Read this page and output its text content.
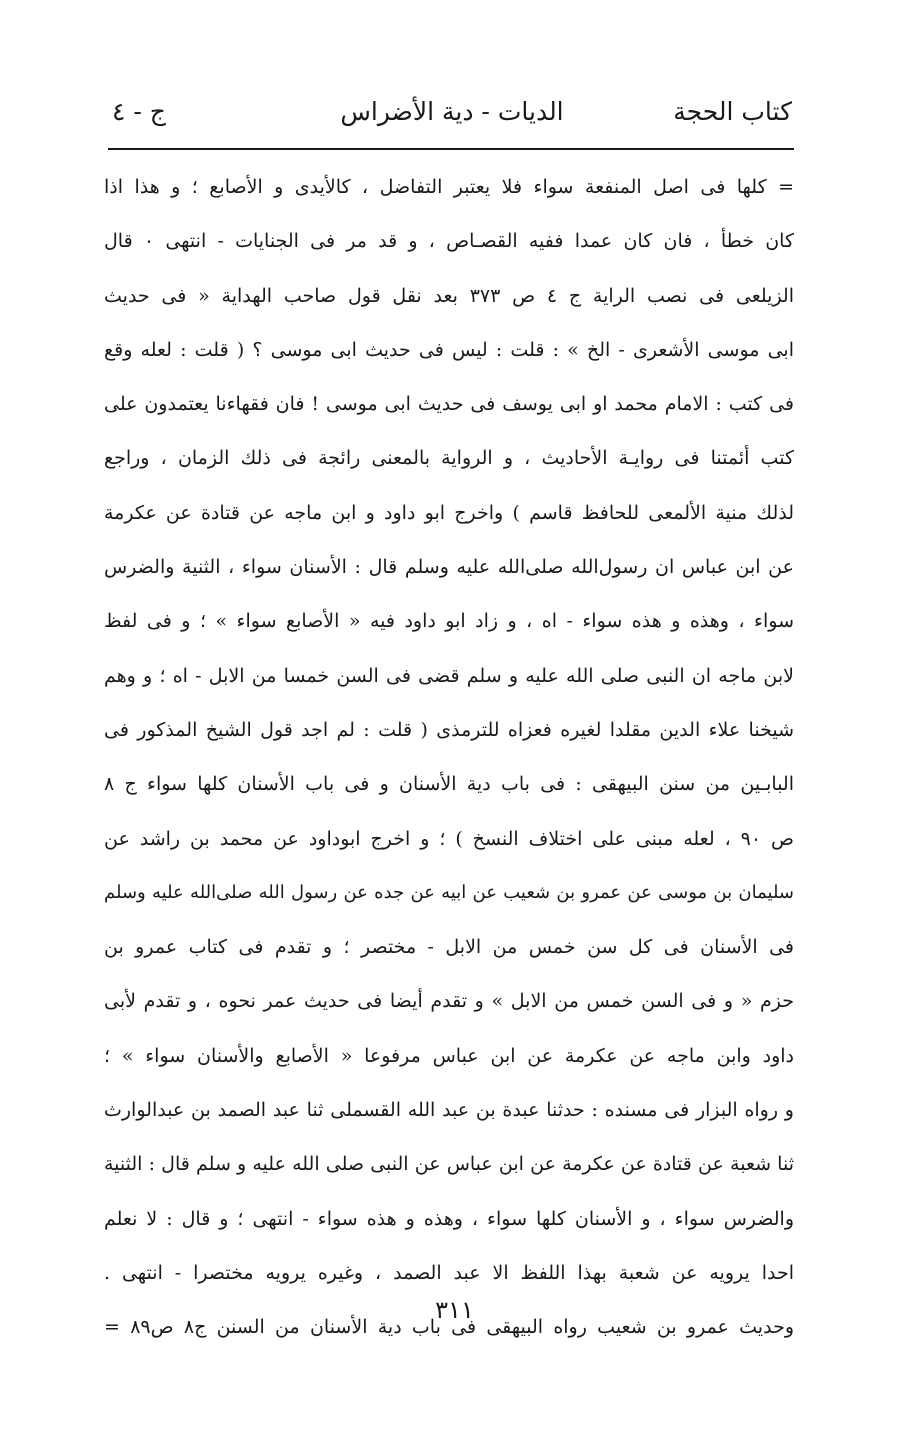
كتاب الحجة
الديات - دية الأضراس
ج - ٤
= كلها فى اصل المنفعة سواء فلا يعتبر التفاضل ، كالأيدى و الأصابع ؛ و هذا اذا
كان خطأ ، فان كان عمدا ففيه القصـاص ، و قد مر فى الجنايات - انتهى ٠ قال
الزيلعى فى نصب الراية ج ٤ ص ٣٧٣ بعد نقل قول صاحب الهداية « فى حديث
ابى موسى الأشعرى - الخ » : قلت : ليس فى حديث ابى موسى ؟ ( قلت : لعله وقع
فى كتب : الامام محمد او ابى يوسف فى حديث ابى موسى ! فان فقهاءنا يعتمدون على
كتب أئمتنا فى روايـة الأحاديث ، و الرواية بالمعنى رائجة فى ذلك الزمان ، وراجع
لذلك منية الألمعى للحافظ قاسم ) واخرج ابو داود و ابن ماجه عن قتادة عن عكرمة
عن ابن عباس ان رسول‌الله صلى‌الله عليه وسلم قال : الأسنان سواء ، الثنية والضرس
سواء ، وهذه و هذه سواء - اه ، و زاد ابو داود فيه « الأصابع سواء » ؛ و فى لفظ
لابن ماجه ان النبى صلى الله عليه و سلم قضى فى السن خمسا من الابل - اه ؛ و وهم
شيخنا علاء الدين مقلدا لغيره فعزاه للترمذى ( قلت : لم اجد قول الشيخ المذكور فى
البابـين من سنن البيهقى : فى باب دية الأسنان و فى باب الأسنان كلها سواء ج ٨
ص ٩٠ ، لعله مبنى على اختلاف النسخ ) ؛ و اخرج ابوداود عن محمد بن راشد عن
سليمان بن موسى عن عمرو بن شعيب عن ابيه عن جده عن رسول الله صلى‌الله عليه وسلم
فى الأسنان فى كل سن خمس من الابل - مختصر ؛ و تقدم فى كتاب عمرو بن
حزم « و فى السن خمس من الابل » و تقدم أيضا فى حديث عمر نحوه ، و تقدم لأبى
داود وابن ماجه عن عكرمة عن ابن عباس مرفوعا « الأصابع والأسنان سواء » ؛
و رواه البزار فى مسنده : حدثنا عبدة بن عبد الله القسملى ثنا عبد الصمد بن عبدالوارث
ثنا شعبة عن قتادة عن عكرمة عن ابن عباس عن النبى صلى الله عليه و سلم قال : الثنية
والضرس سواء ، و الأسنان كلها سواء ، وهذه و هذه سواء - انتهى ؛ و قال : لا نعلم
احدا يرويه عن شعبة بهذا اللفظ الا عبد الصمد ، وغيره يرويه مختصرا - انتهى .
وحديث عمرو بن شعيب رواه البيهقى فى باب دية الأسنان من السنن ج٨ ص٨٩ =
٣١١
